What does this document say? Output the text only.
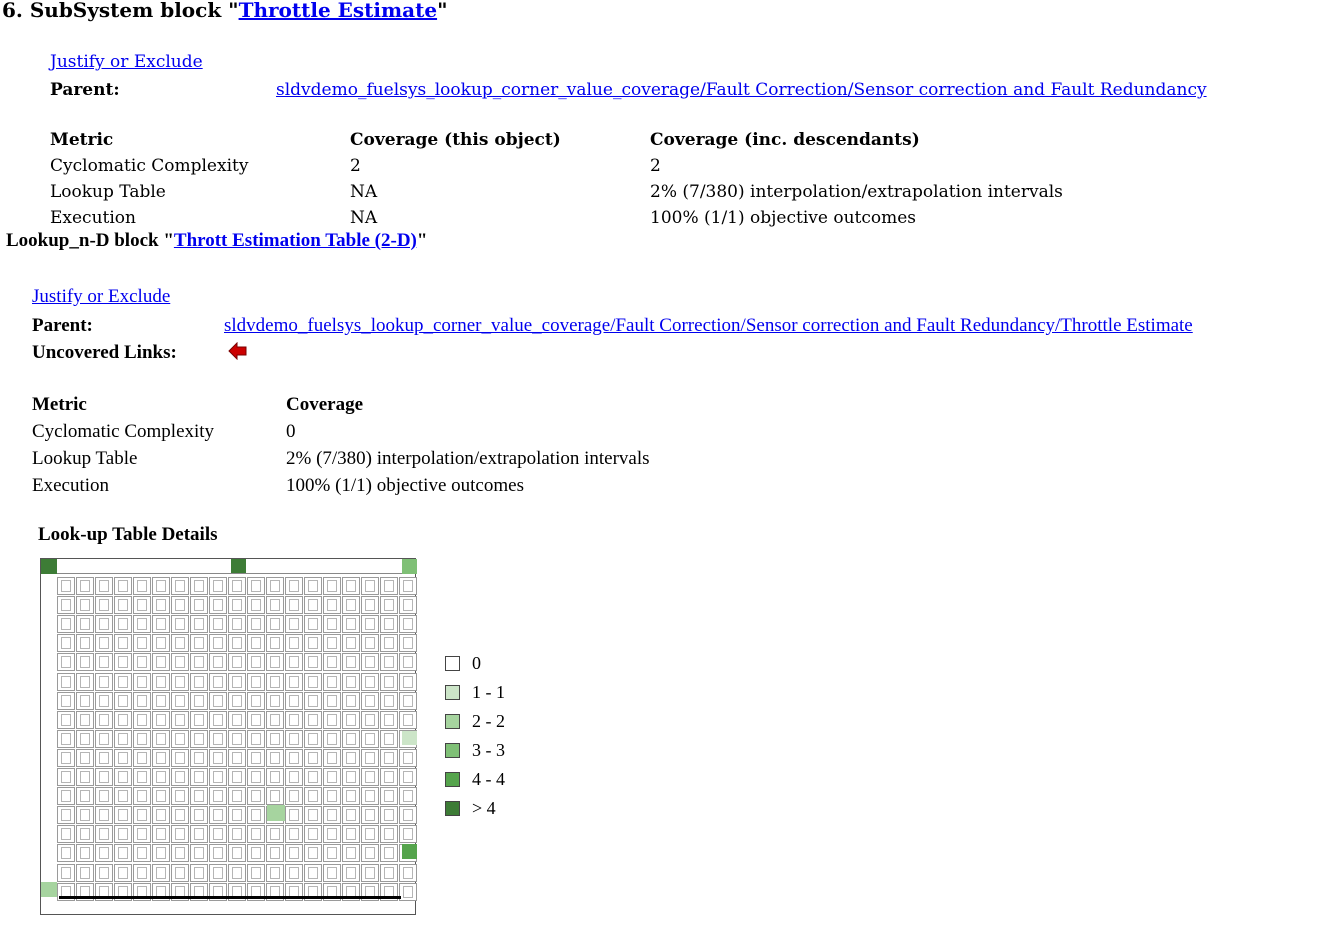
6. SubSystem block "Throttle Estimate"
Justify or Exclude
Parent:	sldvdemo_fuelsys_lookup_corner_value_coverage/Fault Correction/Sensor correction and Fault Redundancy
Metric	Coverage (this object)	Coverage (inc. descendants)
Cyclomatic Complexity	2	2
Lookup Table	NA	2% (7/380) interpolation/extrapolation intervals
Execution	NA	100% (1/1) objective outcomes
Lookup_n-D block "Thrott Estimation Table (2-D)"
Justify or Exclude
Parent:	sldvdemo_fuelsys_lookup_corner_value_coverage/Fault Correction/Sensor correction and Fault Redundancy/Throttle Estimate
Uncovered Links:
Metric	Coverage
Cyclomatic Complexity	0
Lookup Table	2% (7/380) interpolation/extrapolation intervals
Execution	100% (1/1) objective outcomes
Look-up Table Details
0
1 - 1
2 - 2
3 - 3
4 - 4
> 4
